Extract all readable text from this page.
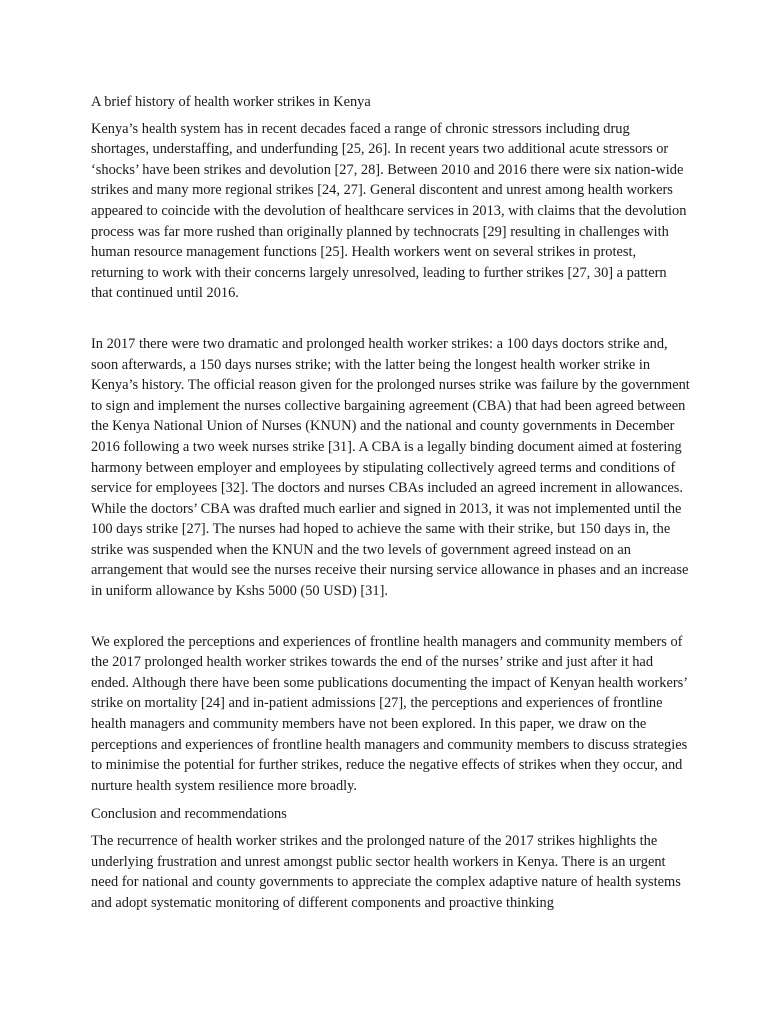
A brief history of health worker strikes in Kenya

Kenya’s health system has in recent decades faced a range of chronic stressors including drug shortages, understaffing, and underfunding [25, 26]. In recent years two additional acute stressors or ‘shocks’ have been strikes and devolution [27, 28]. Between 2010 and 2016 there were six nation-wide strikes and many more regional strikes [24, 27]. General discontent and unrest among health workers appeared to coincide with the devolution of healthcare services in 2013, with claims that the devolution process was far more rushed than originally planned by technocrats [29] resulting in challenges with human resource management functions [25]. Health workers went on several strikes in protest, returning to work with their concerns largely unresolved, leading to further strikes [27, 30] a pattern that continued until 2016.

In 2017 there were two dramatic and prolonged health worker strikes: a 100 days doctors strike and, soon afterwards, a 150 days nurses strike; with the latter being the longest health worker strike in Kenya’s history. The official reason given for the prolonged nurses strike was failure by the government to sign and implement the nurses collective bargaining agreement (CBA) that had been agreed between the Kenya National Union of Nurses (KNUN) and the national and county governments in December 2016 following a two week nurses strike [31]. A CBA is a legally binding document aimed at fostering harmony between employer and employees by stipulating collectively agreed terms and conditions of service for employees [32]. The doctors and nurses CBAs included an agreed increment in allowances. While the doctors’ CBA was drafted much earlier and signed in 2013, it was not implemented until the 100 days strike [27]. The nurses had hoped to achieve the same with their strike, but 150 days in, the strike was suspended when the KNUN and the two levels of government agreed instead on an arrangement that would see the nurses receive their nursing service allowance in phases and an increase in uniform allowance by Kshs 5000 (50 USD) [31].

We explored the perceptions and experiences of frontline health managers and community members of the 2017 prolonged health worker strikes towards the end of the nurses’ strike and just after it had ended. Although there have been some publications documenting the impact of Kenyan health workers’ strike on mortality [24] and in-patient admissions [27], the perceptions and experiences of frontline health managers and community members have not been explored. In this paper, we draw on the perceptions and experiences of frontline health managers and community members to discuss strategies to minimise the potential for further strikes, reduce the negative effects of strikes when they occur, and nurture health system resilience more broadly.

Conclusion and recommendations

The recurrence of health worker strikes and the prolonged nature of the 2017 strikes highlights the underlying frustration and unrest amongst public sector health workers in Kenya. There is an urgent need for national and county governments to appreciate the complex adaptive nature of health systems and adopt systematic monitoring of different components and proactive thinking
